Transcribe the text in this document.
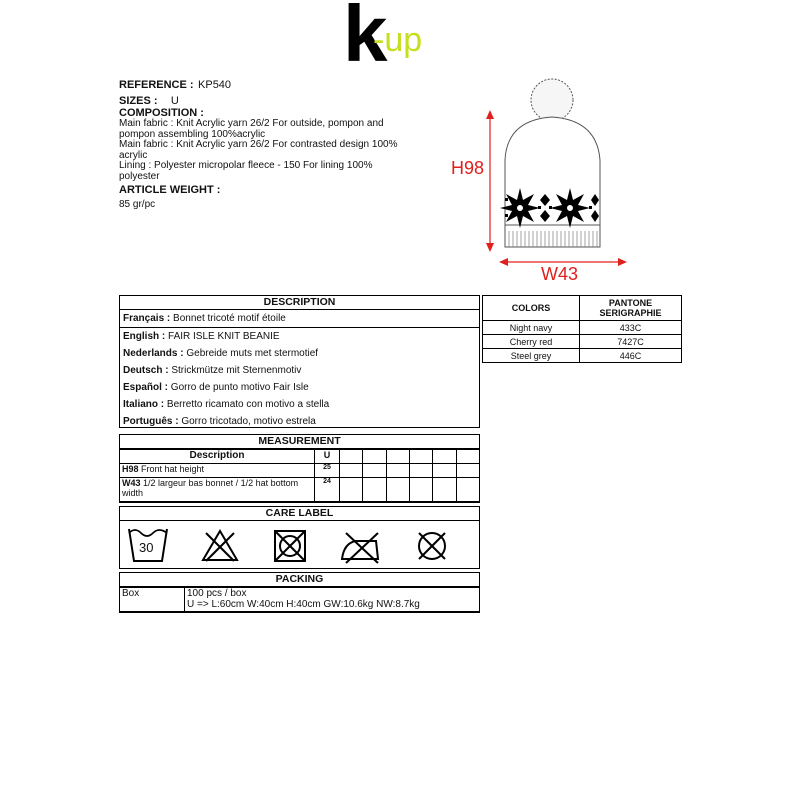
k
-up
REFERENCE : KP540
SIZES : U
COMPOSITION :
Main fabric : Knit Acrylic yarn 26/2 For outside, pompon and pompon assembling 100%acrylic
Main fabric : Knit Acrylic yarn 26/2 For contrasted design 100% acrylic
Lining : Polyester micropolar fleece - 150 For lining 100% polyester
ARTICLE WEIGHT :
85 gr/pc
H98
W43
DESCRIPTION
Français : Bonnet tricoté motif étoile
English : FAIR ISLE KNIT BEANIE
Nederlands : Gebreide muts met stermotief
Deutsch : Strickmütze mit Sternenmotiv
Español : Gorro de punto motivo Fair Isle
Italiano : Berretto ricamato con motivo a stella
Português : Gorro tricotado, motivo estrela
COLORS	PANTONE
SERIGRAPHIE
Night navy	433C
Cherry red	7427C
Steel grey	446C
MEASUREMENT
Description	U						
H98 Front hat height	25						
W43 1/2 largeur bas bonnet / 1/2 hat bottom width	24						
CARE LABEL
30
PACKING
Box	100 pcs / box
U => L:60cm W:40cm H:40cm GW:10.6kg NW:8.7kg
